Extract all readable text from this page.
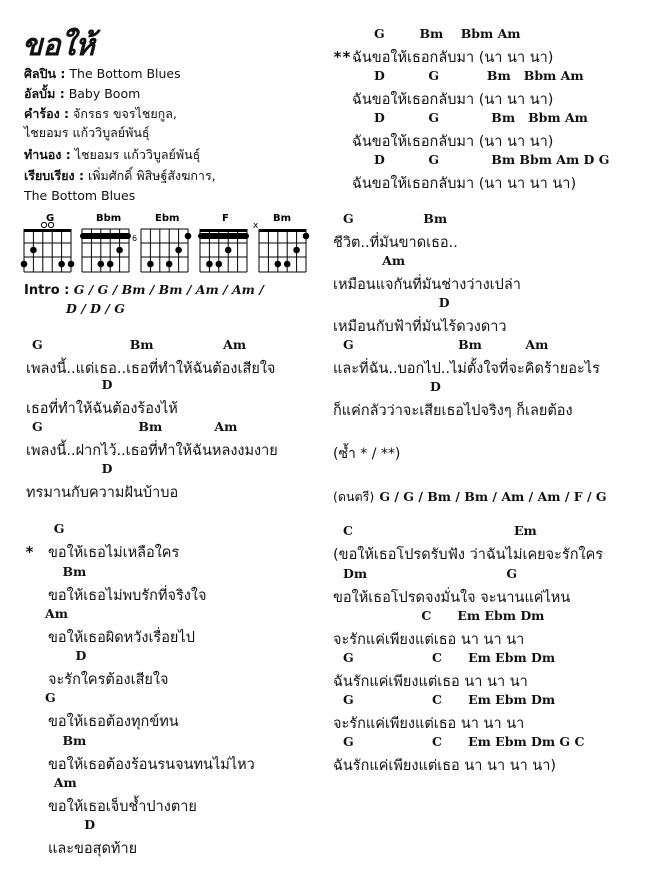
ขอให้
ศิลปิน : The Bottom Blues
อัลบั้ม : Baby Boom
คำร้อง : จักรธร ขจรไชยกูล,
ไชยอมร แก้ววิบูลย์พันธุ์
ทำนอง : ไชยอมร แก้ววิบูลย์พันธุ์
เรียบเรียง : เพิ่มศักดิ์ พิสิษฐ์สังฆการ,
The Bottom Blues
G	Bbm
6
Ebm	F	Bm
x
Intro : G / G / Bm / Bm / Am / Am /
D / D / G
G                    Bm                Am
เพลงนี้..แด่เธอ..เธอที่ทำให้ฉันต้องเสียใจ
D
เธอที่ทำให้ฉันต้องร้องไห้
G                      Bm            Am
เพลงนี้..ฝากไว้..เธอที่ทำให้ฉันหลงงมงาย
D
ทรมานกับความฝันบ้าบอ
G
ขอให้เธอไม่เหลือใคร
Bm
ขอให้เธอไม่พบรักที่จริงใจ
Am
ขอให้เธอผิดหวังเรื่อยไป
D
จะรักใครต้องเสียใจ
G
ขอให้เธอต้องทุกข์ทน
Bm
ขอให้เธอต้องร้อนรนจนทนไม่ไหว
Am
ขอให้เธอเจ็บช้ำปางตาย
D
และขอสุดท้าย
*
**
G        Bm    Bbm Am
ฉันขอให้เธอกลับมา (นา นา นา)
D          G           Bm   Bbm Am
ฉันขอให้เธอกลับมา (นา นา นา)
D          G            Bm   Bbm Am
ฉันขอให้เธอกลับมา (นา นา นา)
D          G            Bm Bbm Am D G
ฉันขอให้เธอกลับมา (นา นา นา นา)
G                Bm
ชีวิต..ที่มันขาดเธอ..
Am
เหมือนแจกันที่มันช่างว่างเปล่า
D
เหมือนกับฟ้าที่มันไร้ดวงดาว
G                        Bm          Am
และที่ฉัน..บอกไป..ไม่ตั้งใจที่จะคิดร้ายอะไร
D
ก็แค่กลัวว่าจะเสียเธอไปจริงๆ ก็เลยต้อง
(ซ้ำ * / **)
(ดนตรี) G / G / Bm / Bm / Am / Am / F / G
C                                     Em
(ขอให้เธอโปรดรับฟัง ว่าฉันไม่เคยจะรักใคร
Dm                                G
ขอให้เธอโปรดจงมั่นใจ จะนานแค่ไหน
C      Em Ebm Dm
จะรักแค่เพียงแต่เธอ นา นา นา
G                  C      Em Ebm Dm
ฉันรักแค่เพียงแต่เธอ นา นา นา
G                  C      Em Ebm Dm
จะรักแค่เพียงแต่เธอ นา นา นา
G                  C      Em Ebm Dm G C
ฉันรักแค่เพียงแต่เธอ นา นา นา นา)
